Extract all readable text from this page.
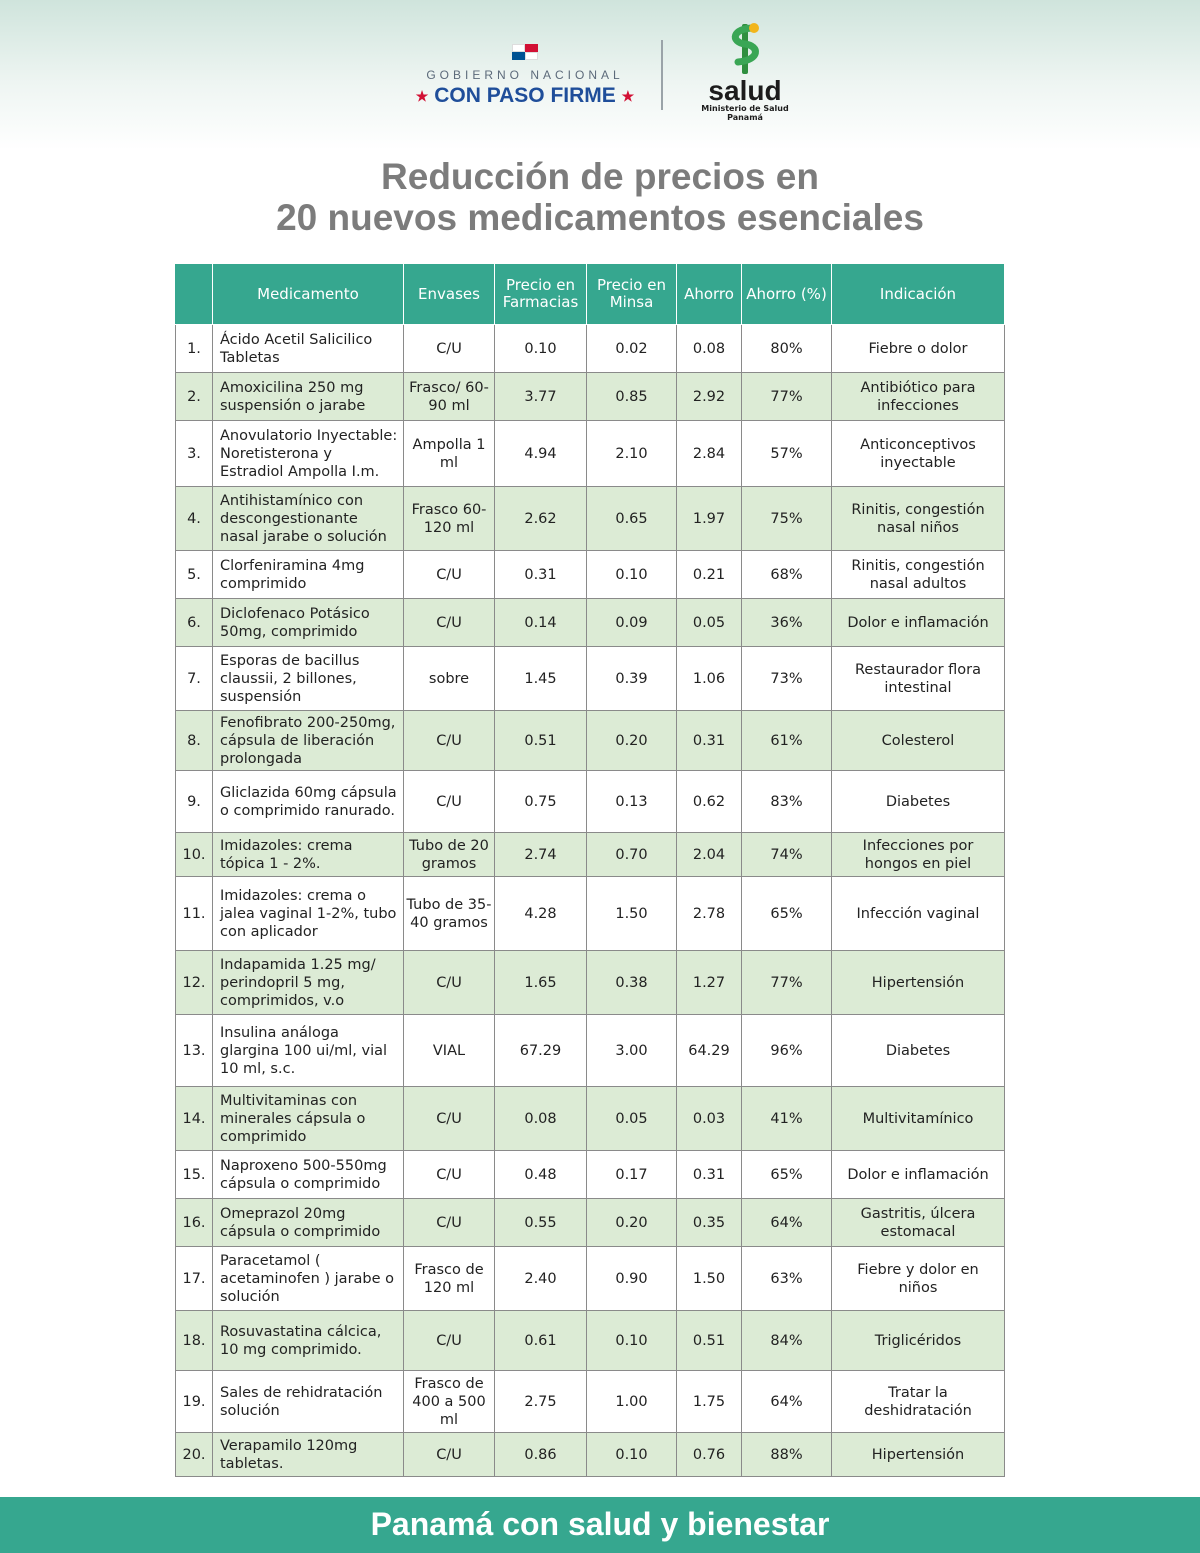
GOBIERNO NACIONAL
★ CON PASO FIRME ★	salud
Ministerio de Salud
Panamá
Reducción de precios en
20 nuevos medicamentos esenciales
	Medicamento	Envases	Precio en Farmacias	Precio en Minsa	Ahorro	Ahorro (%)	Indicación
1.	Ácido Acetil Salicilico Tabletas	C/U	0.10	0.02	0.08	80%	Fiebre o dolor
2.	Amoxicilina 250 mg suspensión o jarabe	Frasco/ 60-90 ml	3.77	0.85	2.92	77%	Antibiótico para infecciones
3.	Anovulatorio Inyectable: Noretisterona y Estradiol Ampolla I.m.	Ampolla 1 ml	4.94	2.10	2.84	57%	Anticonceptivos inyectable
4.	Antihistamínico con descongestionante nasal jarabe o solución	Frasco 60-120 ml	2.62	0.65	1.97	75%	Rinitis, congestión nasal niños
5.	Clorfeniramina 4mg comprimido	C/U	0.31	0.10	0.21	68%	Rinitis, congestión nasal adultos
6.	Diclofenaco Potásico 50mg, comprimido	C/U	0.14	0.09	0.05	36%	Dolor e inflamación
7.	Esporas de bacillus claussii, 2 billones, suspensión	sobre	1.45	0.39	1.06	73%	Restaurador flora intestinal
8.	Fenofibrato 200-250mg, cápsula de liberación prolongada	C/U	0.51	0.20	0.31	61%	Colesterol
9.	Gliclazida 60mg cápsula o comprimido ranurado.	C/U	0.75	0.13	0.62	83%	Diabetes
10.	Imidazoles: crema tópica 1 - 2%.	Tubo de 20 gramos	2.74	0.70	2.04	74%	Infecciones por hongos en piel
11.	Imidazoles: crema o jalea vaginal 1-2%, tubo con aplicador	Tubo de 35-40 gramos	4.28	1.50	2.78	65%	Infección vaginal
12.	Indapamida 1.25 mg/ perindopril 5 mg, comprimidos, v.o	C/U	1.65	0.38	1.27	77%	Hipertensión
13.	Insulina análoga glargina 100 ui/ml, vial 10 ml, s.c.	VIAL	67.29	3.00	64.29	96%	Diabetes
14.	Multivitaminas con minerales cápsula o comprimido	C/U	0.08	0.05	0.03	41%	Multivitamínico
15.	Naproxeno 500-550mg cápsula o comprimido	C/U	0.48	0.17	0.31	65%	Dolor e inflamación
16.	Omeprazol 20mg cápsula o comprimido	C/U	0.55	0.20	0.35	64%	Gastritis, úlcera estomacal
17.	Paracetamol ( acetaminofen ) jarabe o solución	Frasco de 120 ml	2.40	0.90	1.50	63%	Fiebre y dolor en niños
18.	Rosuvastatina cálcica, 10 mg comprimido.	C/U	0.61	0.10	0.51	84%	Triglicéridos
19.	Sales de rehidratación solución	Frasco de 400 a 500 ml	2.75	1.00	1.75	64%	Tratar la deshidratación
20.	Verapamilo 120mg tabletas.	C/U	0.86	0.10	0.76	88%	Hipertensión
Panamá con salud y bienestar
